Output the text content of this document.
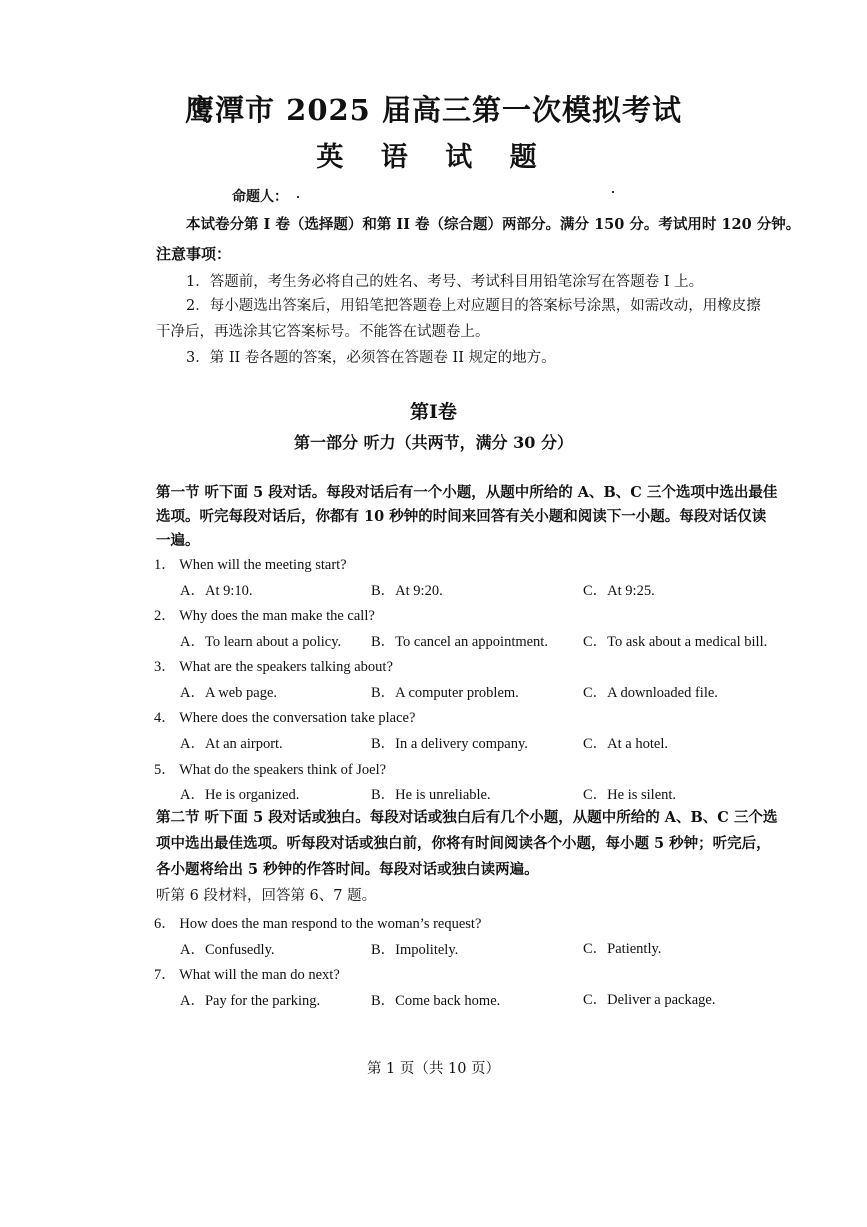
鹰潭市 2025 届高三第一次模拟考试
英 语 试 题
命题人：
本试卷分第 I 卷（选择题）和第 II 卷（综合题）两部分。满分 150 分。考试用时 120 分钟。
注意事项：
1．答题前，考生务必将自己的姓名、考号、考试科目用铅笔涂写在答题卷 I 上。
2．每小题选出答案后，用铅笔把答题卷上对应题目的答案标号涂黑，如需改动，用橡皮擦
干净后，再选涂其它答案标号。不能答在试题卷上。
3．第 II 卷各题的答案，必须答在答题卷 II 规定的地方。
第Ⅰ卷
第一部分 听力（共两节，满分 30 分）
第一节 听下面 5 段对话。每段对话后有一个小题，从题中所给的 A、B、C 三个选项中选出最佳
选项。听完每段对话后，你都有 10 秒钟的时间来回答有关小题和阅读下一小题。每段对话仅读
一遍。
1． When will the meeting start?
A．At 9:10.	B．At 9:20.	C．At 9:25.
2． Why does the man make the call?
A．To learn about a policy. B．To cancel an appointment. C．To ask about a medical bill.
3． What are the speakers talking about?
A．A web page.	B．A computer problem.	C．A downloaded file.
4． Where does the conversation take place?
A．At an airport.	B．In a delivery company.	C．At a hotel.
5． What do the speakers think of Joel?
A．He is organized.	B．He is unreliable.	C．He is silent.
第二节 听下面 5 段对话或独白。每段对话或独白后有几个小题，从题中所给的 A、B、C 三个选
项中选出最佳选项。听每段对话或独白前，你将有时间阅读各个小题，每小题 5 秒钟；听完后，
各小题将给出 5 秒钟的作答时间。每段对话或独白读两遍。
听第 6 段材料，回答第 6、7 题。
6． How does the man respond to the woman’s request?
A．Confusedly.	B．Impolitely.	C．Patiently.
7． What will the man do next?
A．Pay for the parking.	B．Come back home.	C．Deliver a package.
第 1 页（共 10 页）
